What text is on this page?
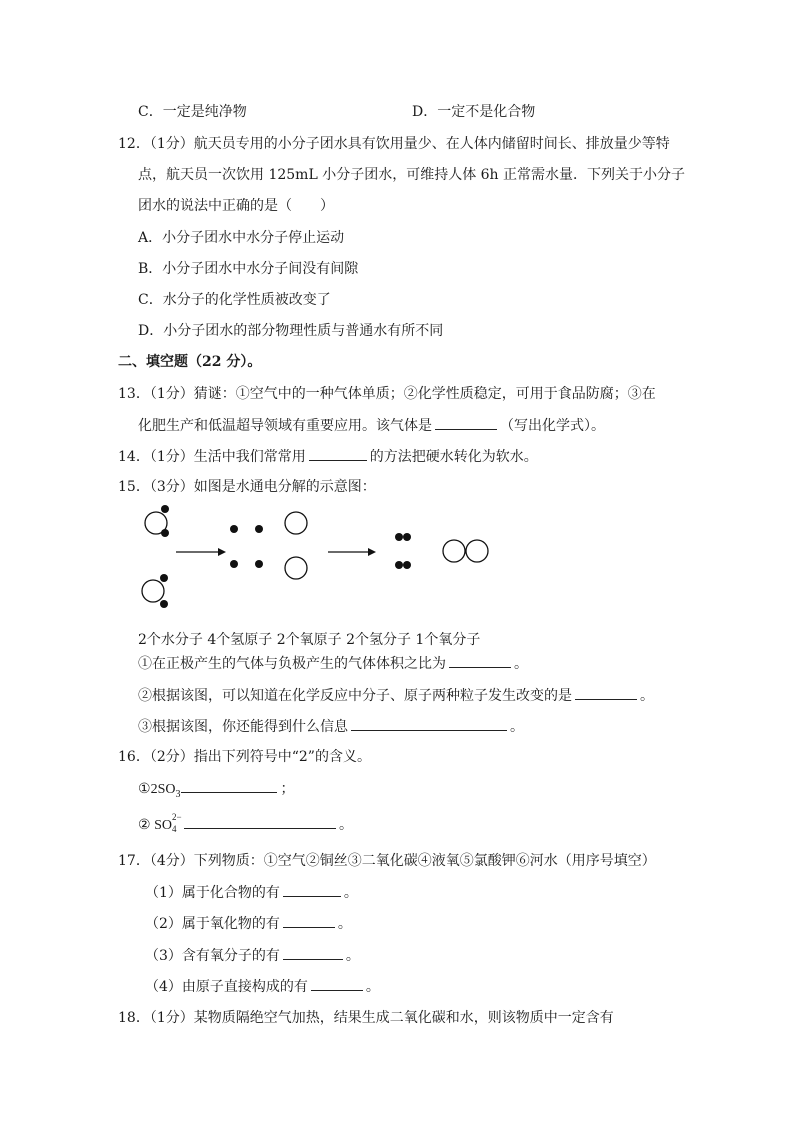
C．一定是纯净物	D．一定不是化合物
12．（1分）航天员专用的小分子团水具有饮用量少、在人体内储留时间长、排放量少等特
点，航天员一次饮用 125mL 小分子团水，可维持人体 6h 正常需水量．下列关于小分子
团水的说法中正确的是（　　）
A．小分子团水中水分子停止运动
B．小分子团水中水分子间没有间隙
C．水分子的化学性质被改变了
D．小分子团水的部分物理性质与普通水有所不同
二、填空题（22 分）。
13．（1分）猜谜：①空气中的一种气体单质；②化学性质稳定，可用于食品防腐；③在
化肥生产和低温超导领域有重要应用。该气体是	（写出化学式）。
14．（1分）生活中我们常常用	的方法把硬水转化为软水。
15．（3分）如图是水通电分解的示意图：
2个水分子 4个氢原子 2个氧原子 2个氢分子 1个氧分子
①在正极产生的气体与负极产生的气体体积之比为	。
②根据该图，可以知道在化学反应中分子、原子两种粒子发生改变的是	。
③根据该图，你还能得到什么信息	。
16．（2分）指出下列符号中“2”的含义。
$①2SO_3$	；
② SO
2−
4	。
17．（4分）下列物质：①空气②铜丝③二氧化碳④液氧⑤氯酸钾⑥河水（用序号填空）
（1）属于化合物的有	。
（2）属于氧化物的有	。
（3）含有氧分子的有	。
（4）由原子直接构成的有	。
18．（1分）某物质隔绝空气加热，结果生成二氧化碳和水，则该物质中一定含有
